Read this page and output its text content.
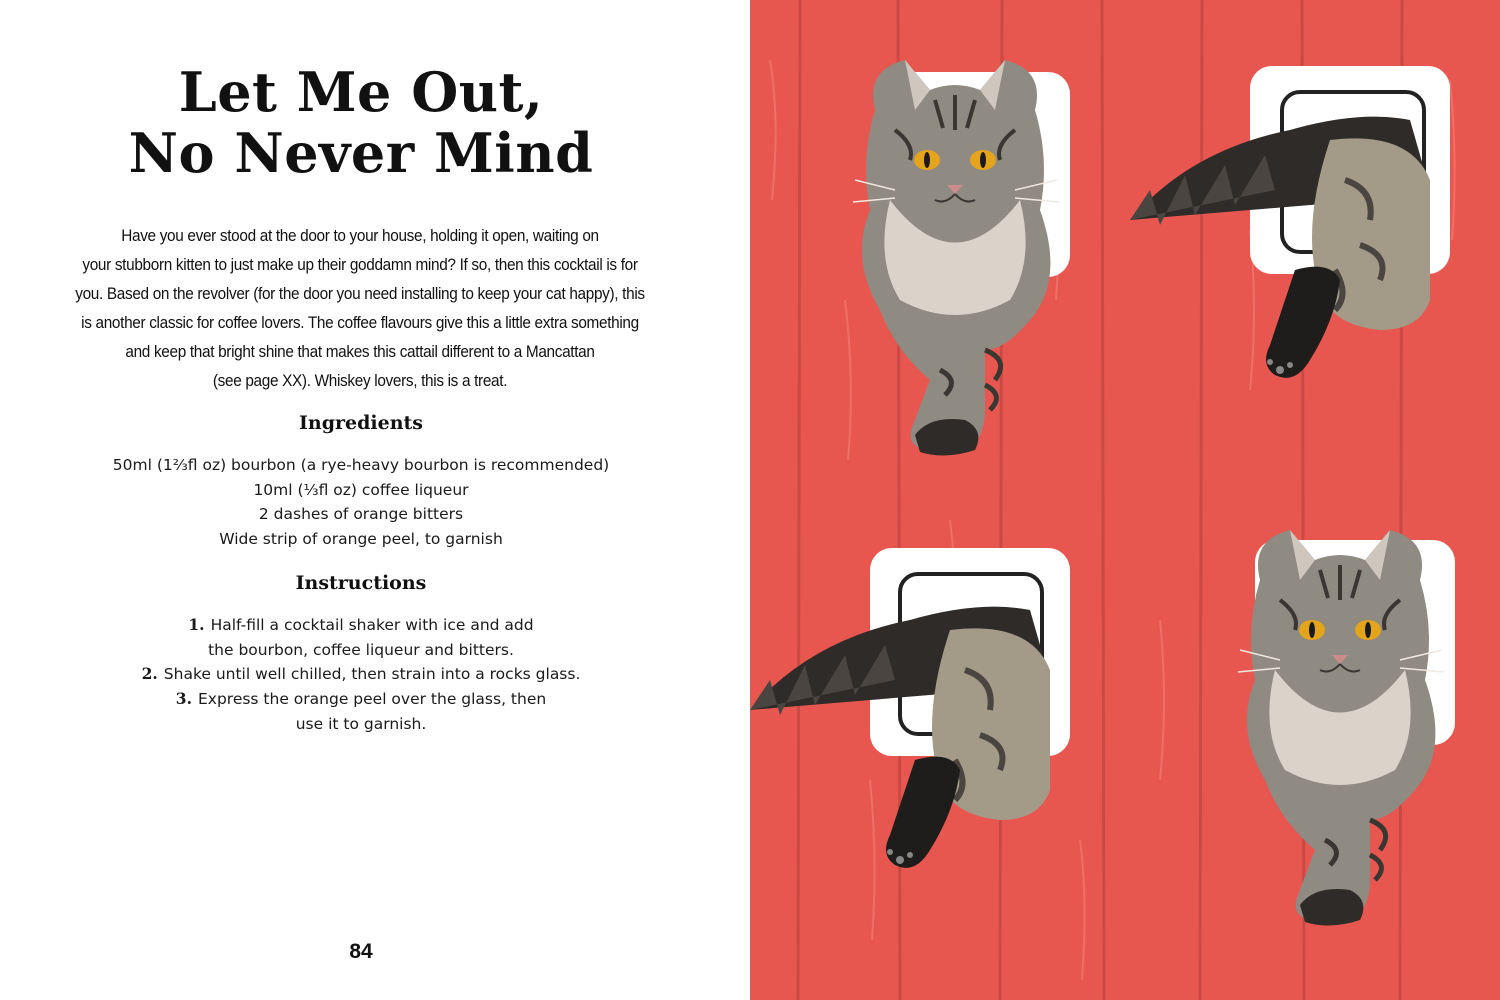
Let Me Out,
No Never Mind
Have you ever stood at the door to your house, holding it open, waiting on
your stubborn kitten to just make up their goddamn mind? If so, then this cocktail is for
you. Based on the revolver (for the door you need installing to keep your cat happy), this
is another classic for coffee lovers. The coffee flavours give this a little extra something
and keep that bright shine that makes this cattail different to a Mancattan
(see page XX). Whiskey lovers, this is a treat.
Ingredients
50ml (1⅔fl oz) bourbon (a rye-heavy bourbon is recommended)
10ml (⅓fl oz) coffee liqueur
2 dashes of orange bitters
Wide strip of orange peel, to garnish
Instructions
1. Half-fill a cocktail shaker with ice and add
the bourbon, coffee liqueur and bitters.
2. Shake until well chilled, then strain into a rocks glass.
3. Express the orange peel over the glass, then
use it to garnish.
84
